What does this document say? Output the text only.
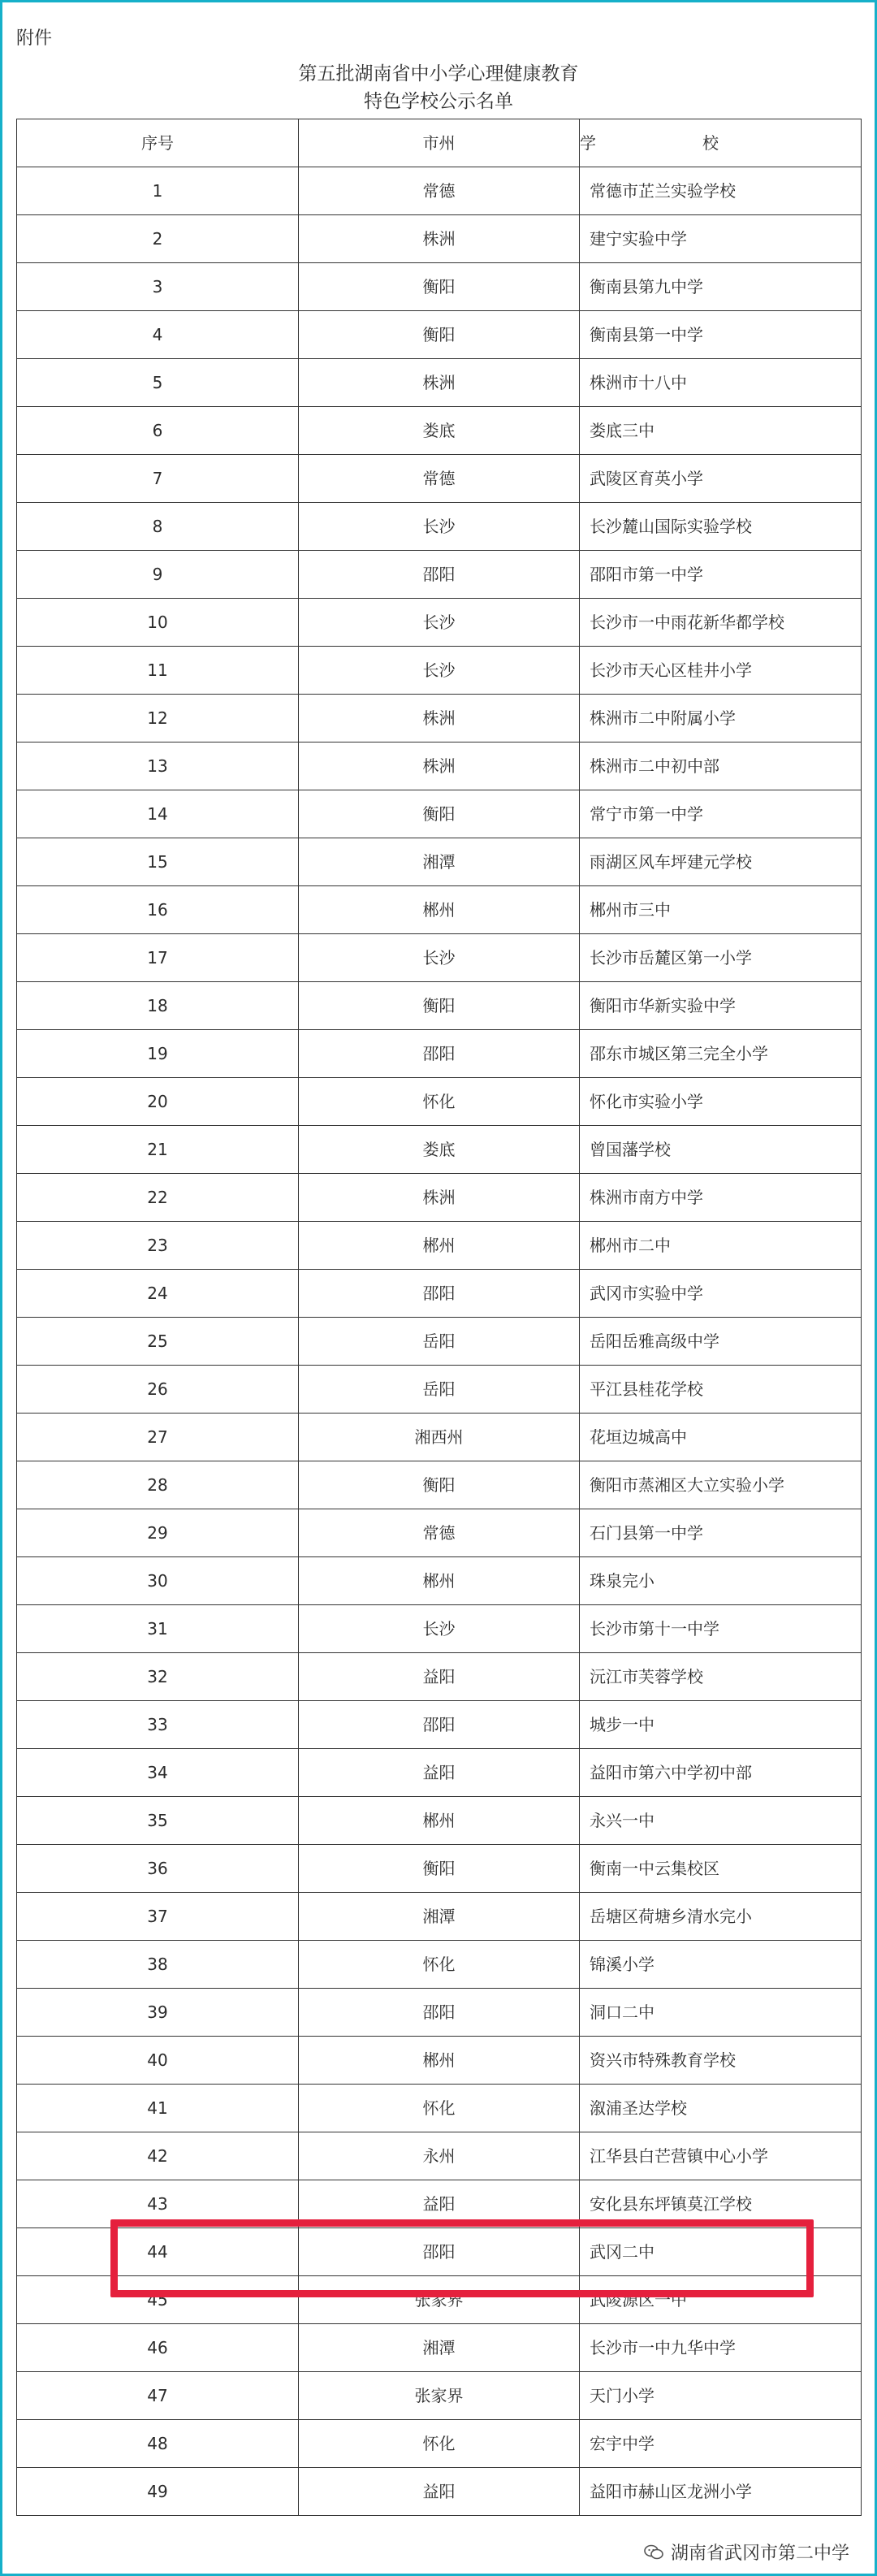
附件
第五批湖南省中小学心理健康教育
特色学校公示名单
序号	市州	学 校
1	常德	常德市芷兰实验学校
2	株洲	建宁实验中学
3	衡阳	衡南县第九中学
4	衡阳	衡南县第一中学
5	株洲	株洲市十八中
6	娄底	娄底三中
7	常德	武陵区育英小学
8	长沙	长沙麓山国际实验学校
9	邵阳	邵阳市第一中学
10	长沙	长沙市一中雨花新华都学校
11	长沙	长沙市天心区桂井小学
12	株洲	株洲市二中附属小学
13	株洲	株洲市二中初中部
14	衡阳	常宁市第一中学
15	湘潭	雨湖区风车坪建元学校
16	郴州	郴州市三中
17	长沙	长沙市岳麓区第一小学
18	衡阳	衡阳市华新实验中学
19	邵阳	邵东市城区第三完全小学
20	怀化	怀化市实验小学
21	娄底	曾国藩学校
22	株洲	株洲市南方中学
23	郴州	郴州市二中
24	邵阳	武冈市实验中学
25	岳阳	岳阳岳雅高级中学
26	岳阳	平江县桂花学校
27	湘西州	花垣边城高中
28	衡阳	衡阳市蒸湘区大立实验小学
29	常德	石门县第一中学
30	郴州	珠泉完小
31	长沙	长沙市第十一中学
32	益阳	沅江市芙蓉学校
33	邵阳	城步一中
34	益阳	益阳市第六中学初中部
35	郴州	永兴一中
36	衡阳	衡南一中云集校区
37	湘潭	岳塘区荷塘乡清水完小
38	怀化	锦溪小学
39	邵阳	洞口二中
40	郴州	资兴市特殊教育学校
41	怀化	溆浦圣达学校
42	永州	江华县白芒营镇中心小学
43	益阳	安化县东坪镇莫江学校
44	邵阳	武冈二中
45	张家界	武陵源区一中
46	湘潭	长沙市一中九华中学
47	张家界	天门小学
48	怀化	宏宇中学
49	益阳	益阳市赫山区龙洲小学
湖南省武冈市第二中学
